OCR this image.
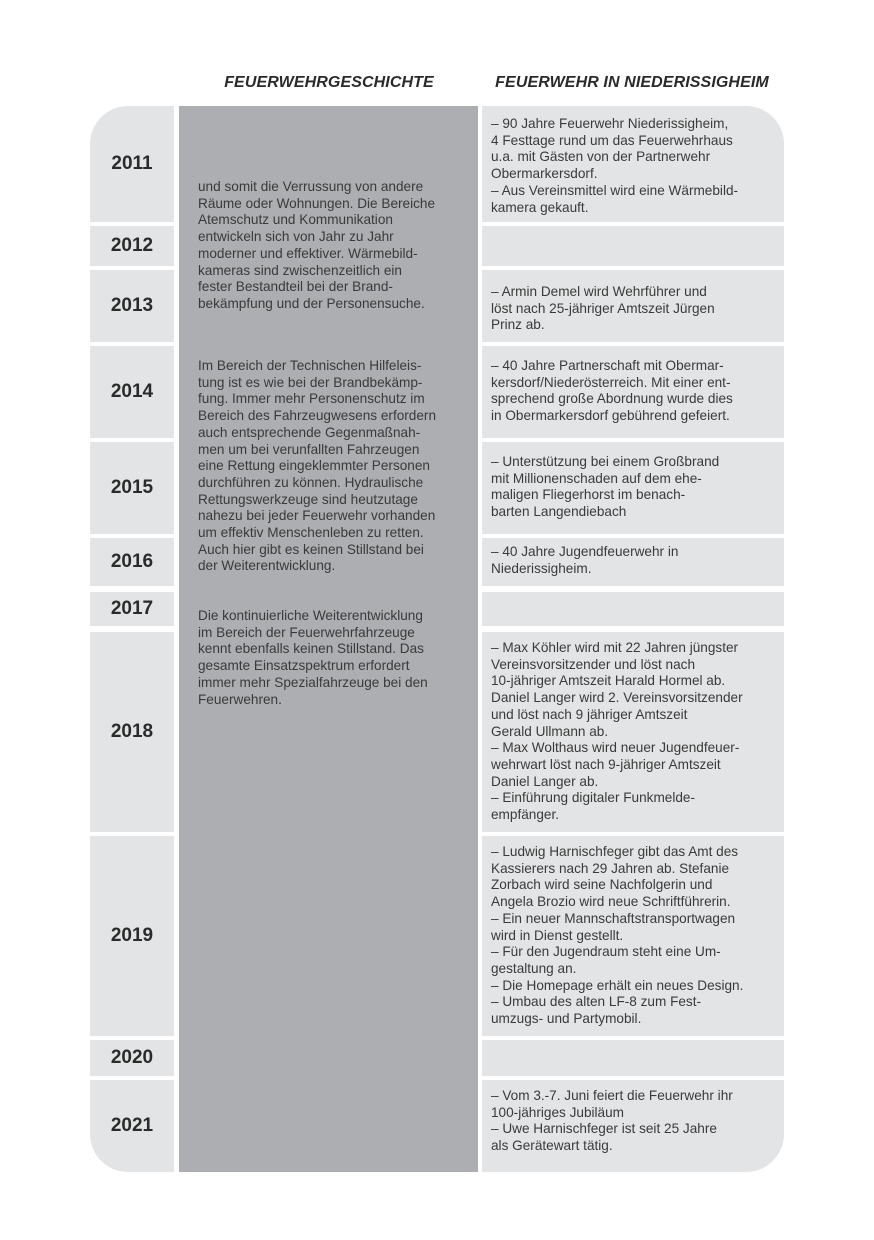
FEUERWEHRGESCHICHTE	FEUERWEHR IN NIEDERISSIGHEIM
2011
2012
2013
2014
2015
2016
2017
2018
2019
2020
2021
– 90 Jahre Feuerwehr Niederissigheim,
4 Festtage rund um das Feuerwehrhaus
u.a. mit Gästen von der Partnerwehr
Obermarkersdorf.
– Aus Vereinsmittel wird eine Wärmebild-
kamera gekauft.
– Armin Demel wird Wehrführer und
löst nach 25-jähriger Amtszeit Jürgen
Prinz ab.
– 40 Jahre Partnerschaft mit Obermar-
kersdorf/Niederösterreich. Mit einer ent-
sprechend große Abordnung wurde dies
in Obermarkersdorf gebührend gefeiert.
– Unterstützung bei einem Großbrand
mit Millionenschaden auf dem ehe-
maligen Fliegerhorst im benach-
barten Langendiebach
– 40 Jahre Jugendfeuerwehr in
Niederissigheim.
– Max Köhler wird mit 22 Jahren jüngster
Vereinsvorsitzender und löst nach
10-jähriger Amtszeit Harald Hormel ab.
Daniel Langer wird 2. Vereinsvorsitzender
und löst nach 9 jähriger Amtszeit
Gerald Ullmann ab.
– Max Wolthaus wird neuer Jugendfeuer-
wehrwart löst nach 9-jähriger Amtszeit
Daniel Langer ab.
– Einführung digitaler Funkmelde-
empfänger.
– Ludwig Harnischfeger gibt das Amt des
Kassierers nach 29 Jahren ab. Stefanie
Zorbach wird seine Nachfolgerin und
Angela Brozio wird neue Schriftführerin.
– Ein neuer Mannschaftstransportwagen
wird in Dienst gestellt.
– Für den Jugendraum steht eine Um-
gestaltung an.
– Die Homepage erhält ein neues Design.
– Umbau des alten LF-8 zum Fest-
umzugs- und Partymobil.
– Vom 3.-7. Juni feiert die Feuerwehr ihr
100-jähriges Jubiläum
– Uwe Harnischfeger ist seit 25 Jahre
als Gerätewart tätig.
und somit die Verrussung von andere
Räume oder Wohnungen. Die Bereiche
Atemschutz und Kommunikation
entwickeln sich von Jahr zu Jahr
moderner und effektiver. Wärmebild-
kameras sind zwischenzeitlich ein
fester Bestandteil bei der Brand-
bekämpfung und der Personensuche.
Im Bereich der Technischen Hilfeleis-
tung ist es wie bei der Brandbekämp-
fung. Immer mehr Personenschutz im
Bereich des Fahrzeugwesens erfordern
auch entsprechende Gegenmaßnah-
men um bei verunfallten Fahrzeugen
eine Rettung eingeklemmter Personen
durchführen zu können. Hydraulische
Rettungswerkzeuge sind heutzutage
nahezu bei jeder Feuerwehr vorhanden
um effektiv Menschenleben zu retten.
Auch hier gibt es keinen Stillstand bei
der Weiterentwicklung.
Die kontinuierliche Weiterentwicklung
im Bereich der Feuerwehrfahrzeuge
kennt ebenfalls keinen Stillstand. Das
gesamte Einsatzspektrum erfordert
immer mehr Spezialfahrzeuge bei den
Feuerwehren.
